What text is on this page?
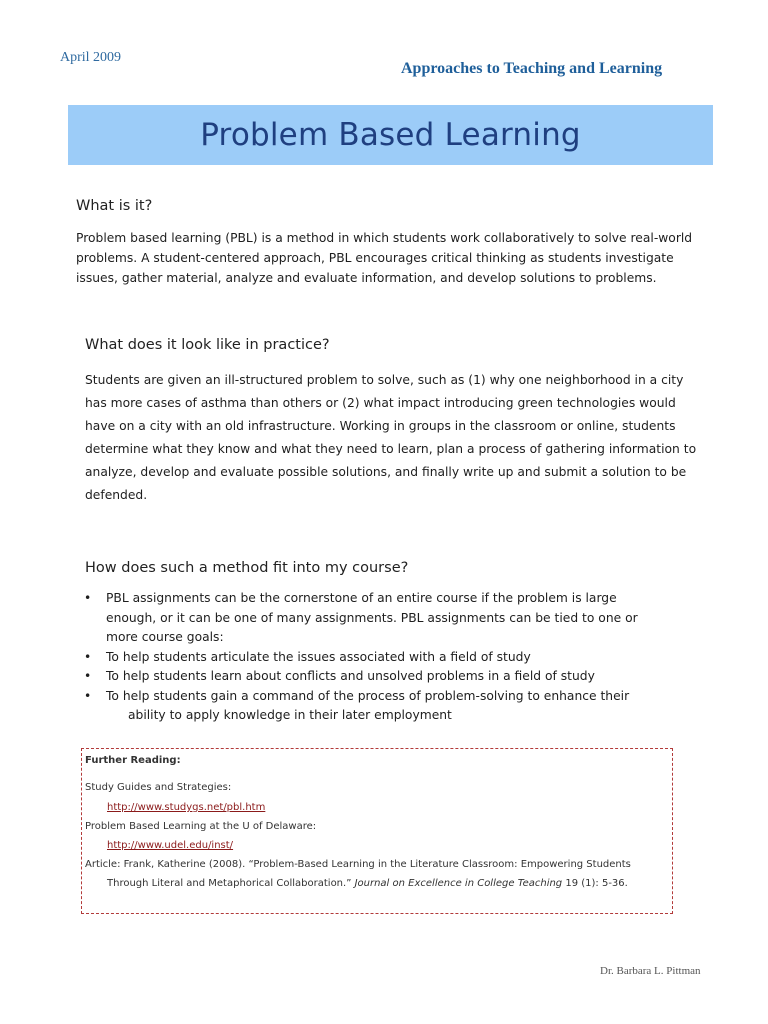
April 2009
Approaches to Teaching and Learning
Problem Based Learning
What is it?

Problem based learning (PBL) is a method in which students work collaboratively to solve real-world
problems. A student-centered approach, PBL encourages critical thinking as students investigate
issues, gather material, analyze and evaluate information, and develop solutions to problems.

What does it look like in practice?

Students are given an ill-structured problem to solve, such as (1) why one neighborhood in a city
has more cases of asthma than others or (2) what impact introducing green technologies would
have on a city with an old infrastructure. Working in groups in the classroom or online, students
determine what they know and what they need to learn, plan a process of gathering information to
analyze, develop and evaluate possible solutions, and finally write up and submit a solution to be
defended.

How does such a method fit into my course?
• PBL assignments can be the cornerstone of an entire course if the problem is large
enough, or it can be one of many assignments. PBL assignments can be tied to one or
more course goals:
• To help students articulate the issues associated with a field of study
• To help students learn about conflicts and unsolved problems in a field of study
• To help students gain a command of the process of problem-solving to enhance their
ability to apply knowledge in their later employment
Further Reading:
Study Guides and Strategies:
http://www.studygs.net/pbl.htm
Problem Based Learning at the U of Delaware:
http://www.udel.edu/inst/
Article: Frank, Katherine (2008). “Problem-Based Learning in the Literature Classroom: Empowering Students
Through Literal and Metaphorical Collaboration.” Journal on Excellence in College Teaching 19 (1): 5-36.
Dr. Barbara L. Pittman
